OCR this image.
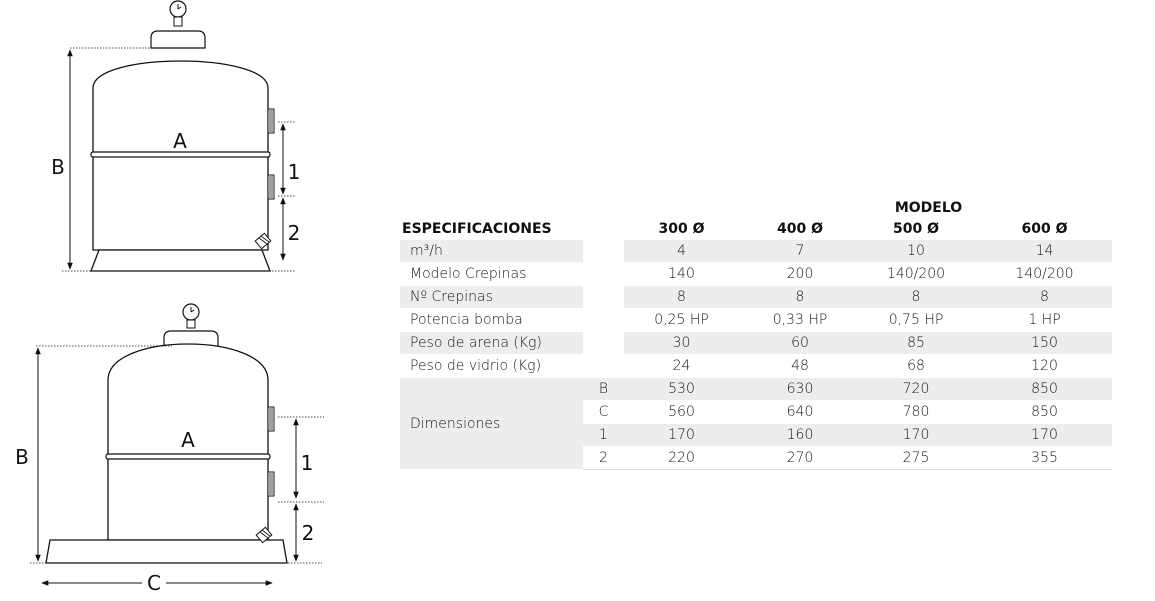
A
B	1
2
A
B	1
2
C
				MODELO				
ESPECIFICACIONES		300 Ø		400 Ø		500 Ø		600 Ø
m³/h		4		7		10		14
Modelo Crepinas		140		200		140/200		140/200
Nº Crepinas		8		8		8		8
Potencia bomba		0,25 HP		0,33 HP		0,75 HP		1 HP
Peso de arena (Kg)		30		60		85		150
Peso de vidrio (Kg)		24		48		68		120
Dimensiones	B	530		630		720		850
	C	560		640		780		850
	1	170		160		170		170
	2	220		270		275		355
